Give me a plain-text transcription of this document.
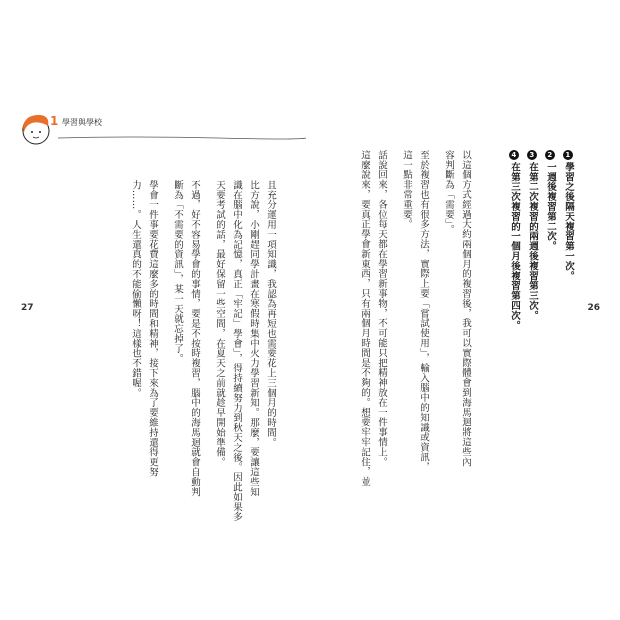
1 學習與學校
且充分運用一項知識，我認為再短也需要花上三個月的時間。
比方說，小剛趕同學計畫在寒假時集中火力學習新知。那麼，要讓這些知
識在腦中化為記憶，真正「牢記」學會」，得持續努力到秋天之後。因此如果多
天要考試的話，最好保留一些空間，在夏天之前就趁早開始準備。
不過，好不容易學會的事情，要是不按時複習，腦中的海馬迴就會自動判
斷為「不需要的資訊」，某一天就忘掉了。
學會一件事要花費這麼多的時間和精神，接下來為了要維持還得更努
力……。人生還真的不能偷懶呀！這樣也不錯喔。
27
1學習之後隔天複習第一次。
2一週後複習第二次。
3在第二次複習的兩週後複習第三次。
4在第三次複習的一個月後複習第四次。
以這個方式經過大約兩個月的複習後，我可以實際體會到海馬迴將這些內
容判斷為「需要」。
至於複習也有很多方法，實際上要「嘗試使用」，輸入腦中的知識或資訊，
這一點非常重要。
話說回來，各位每天都在學習新事物，不可能只把精神放在一件事情上。
這麼說來，要真正學會新東西，只有兩個月時間是不夠的。想要牢牢記住，並	26
